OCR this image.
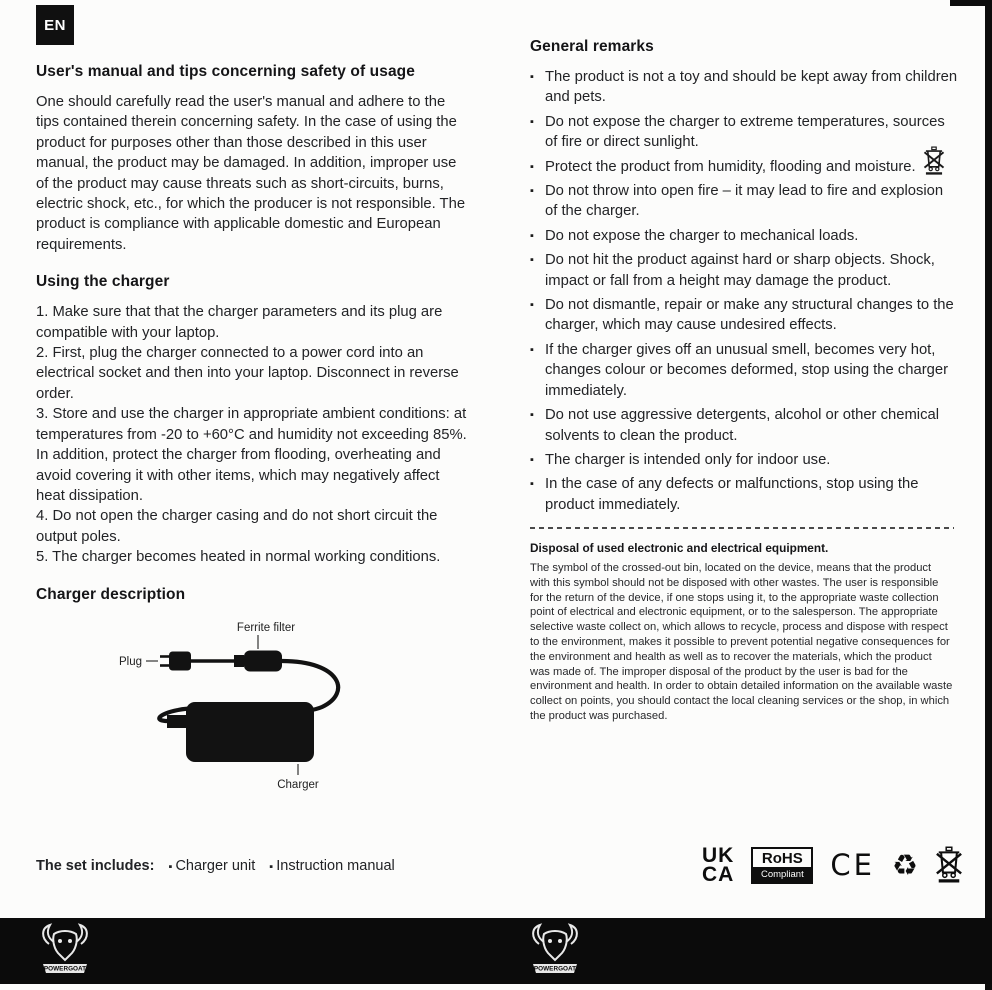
EN
User's manual and tips concerning safety of usage

One should carefully read the user's manual and adhere to the tips contained therein concerning safety. In the case of using the product for purposes other than those described in this user manual, the product may be damaged. In addition, improper use of the product may cause threats such as short-circuits, burns, electric shock, etc., for which the producer is not responsible. The product is compliance with applicable domestic and European requirements.

Using the charger

1. Make sure that that the charger parameters and its plug are compatible with your laptop.

2. First, plug the charger connected to a power cord into an electrical socket and then into your laptop. Disconnect in reverse order.

3. Store and use the charger in appropriate ambient conditions: at temperatures from -20 to +60°C and humidity not exceeding 85%. In addition, protect the charger from flooding, overheating and avoid covering it with other items, which may negatively affect heat dissipation.

4. Do not open the charger casing and do not short circuit the output poles.

5. The charger becomes heated in normal working conditions.

Charger description
Ferrite filter
Plug
Charger
General remarks
▪ The product is not a toy and should be kept away from children and pets.
▪ Do not expose the charger to extreme temperatures, sources of fire or direct sunlight.
▪ Protect the product from humidity, flooding and moisture.
▪ Do not throw into open fire – it may lead to fire and explosion of the charger.
▪ Do not expose the charger to mechanical loads.
▪ Do not hit the product against hard or sharp objects. Shock, impact or fall from a height may damage the product.
▪ Do not dismantle, repair or make any structural changes to the charger, which may cause undesired effects.
▪ If the charger gives off an unusual smell, becomes very hot, changes colour or becomes deformed, stop using the charger immediately.
▪ Do not use aggressive detergents, alcohol or other chemical solvents to clean the product.
▪ The charger is intended only for indoor use.
▪ In the case of any defects or malfunctions, stop using the product immediately.
Disposal of used electronic and electrical equipment.

The symbol of the crossed-out bin, located on the device, means that the product with this symbol should not be disposed with other wastes. The user is responsible for the return of the device, if one stops using it, to the appropriate waste collection point of electrical and electronic equipment, or to the salesperson. The appropriate selective waste collect on, which allows to recycle, process and dispose with respect to the environment, makes it possible to prevent potential negative consequences for the environment and health as well as to recover the materials, which the product was made of. The improper disposal of the product by the user is bad for the environment and health. In order to obtain detailed information on the available waste collect on points, you should contact the local cleaning services or the shop, in which the product was purchased.

The set includes: ▪ Charger unit ▪ Instruction manual	UK
CA
RoHS
Compliant CE ♻
POWERGOAT	POWERGOAT
